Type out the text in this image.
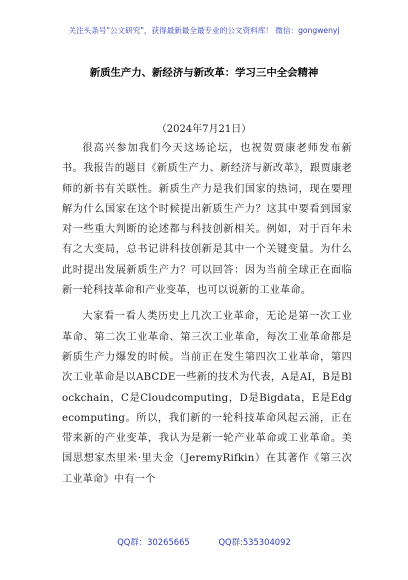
关注头条号"公文研究"，获得最新最全最专业的公文资料库！ 微信：gongwenyj
新质生产力、新经济与新改革：学习三中全会精神
（2024年7月21日）

很高兴参加我们今天这场论坛，也祝贺贾康老师发布新书。我报告的题目《新质生产力、新经济与新改革》，跟贾康老师的新书有关联性。新质生产力是我们国家的热词，现在要理解为什么国家在这个时候提出新质生产力？这其中要看到国家对一些重大判断的论述都与科技创新相关。例如，对于百年未有之大变局，总书记讲科技创新是其中一个关键变量。为什么此时提出发展新质生产力？可以回答：因为当前全球正在面临新一轮科技革命和产业变革，也可以说新的工业革命。

大家看一看人类历史上几次工业革命，无论是第一次工业革命、第二次工业革命、第三次工业革命，每次工业革命都是新质生产力爆发的时候。当前正在发生第四次工业革命，第四次工业革命是以ABCDE一些新的技术为代表，A是AI，B是Blockchain，C是Cloudcomputing，D是Bigdata，E是Edgecomputing。所以，我们新的一轮科技革命风起云涌，正在带来新的产业变革，我认为是新一轮产业革命或工业革命。美国思想家杰里米·里夫金（JeremyRifkin）在其著作《第三次工业革命》中有一个

QQ群：30265665	QQ群:535304092
